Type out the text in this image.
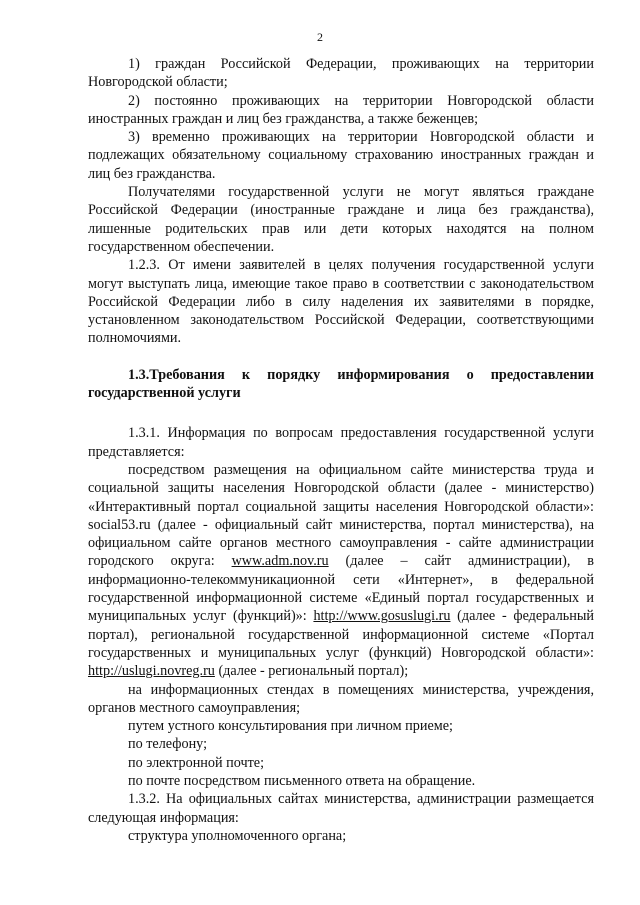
2

1) граждан Российской Федерации, проживающих на территории Новгородской области;

2) постоянно проживающих на территории Новгородской области иностранных граждан и лиц без гражданства, а также беженцев;

3) временно проживающих на территории Новгородской области и подлежащих обязательному социальному страхованию иностранных граждан и лиц без гражданства.

Получателями государственной услуги не могут являться граждане Российской Федерации (иностранные граждане и лица без гражданства), лишенные родительских прав или дети которых находятся на полном государственном обеспечении.

1.2.3. От имени заявителей в целях получения государственной услуги могут выступать лица, имеющие такое право в соответствии с законодательством Российской Федерации либо в силу наделения их заявителями в порядке, установленном законодательством Российской Федерации, соответствующими полномочиями.

1.3.Требования к порядку информирования о предоставлении государственной услуги

1.3.1. Информация по вопросам предоставления государственной услуги представляется:

посредством размещения на официальном сайте министерства труда и социальной защиты населения Новгородской области (далее - министерство) «Интерактивный портал социальной защиты населения Новгородской области»: social53.ru (далее - официальный сайт министерства, портал министерства), на официальном сайте органов местного самоуправления - сайте администрации городского округа: www.adm.nov.ru (далее – сайт администрации), в информационно-телекоммуникационной сети «Интернет», в федеральной государственной информационной системе «Единый портал государственных и муниципальных услуг (функций)»: http://www.gosuslugi.ru (далее - федеральный портал), региональной государственной информационной системе «Портал государственных и муниципальных услуг (функций) Новгородской области»: http://uslugi.novreg.ru (далее - региональный портал);

на информационных стендах в помещениях министерства, учреждения, органов местного самоуправления;

путем устного консультирования при личном приеме;

по телефону;

по электронной почте;

по почте посредством письменного ответа на обращение.

1.3.2. На официальных сайтах министерства, администрации размещается следующая информация:

структура уполномоченного органа;
